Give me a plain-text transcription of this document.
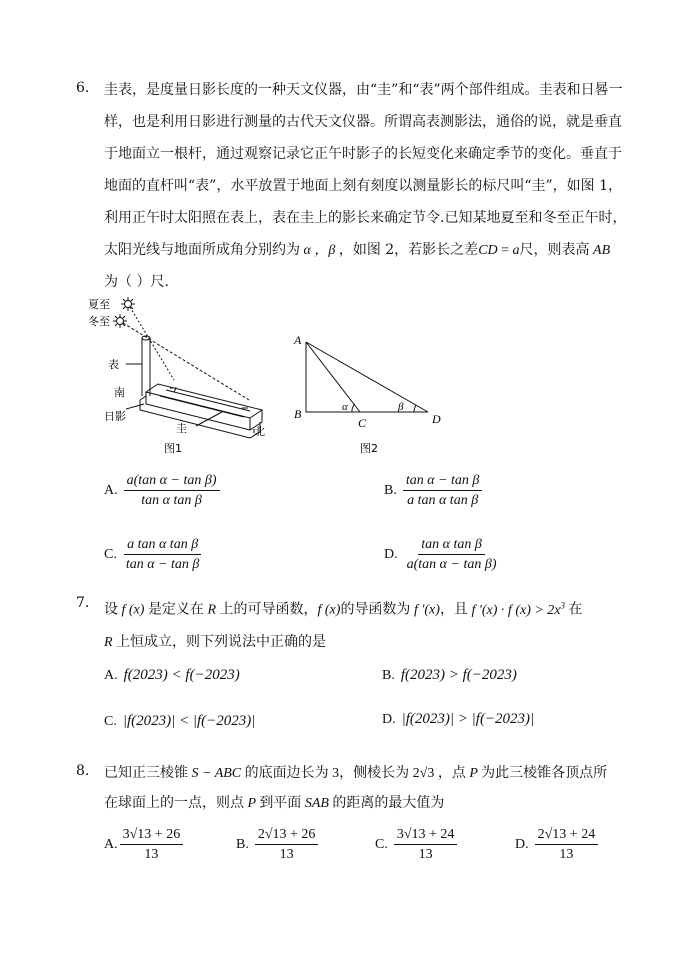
6. 圭表，是度量日影长度的一种天文仪器，由“圭”和“表”两个部件组成。圭表和日晷一
样，也是利用日影进行测量的古代天文仪器。所谓高表测影法，通俗的说，就是垂直
于地面立一根杆，通过观察记录它正午时影子的长短变化来确定季节的变化。垂直于
地面的直杆叫“表”，水平放置于地面上刻有刻度以测量影长的标尺叫“圭”，如图 1，
利用正午时太阳照在表上，表在圭上的影长来确定节令.已知某地夏至和冬至正午时，
太阳光线与地面所成角分别约为 α ，β ，如图 2，若影长之差CD = a尺，则表高 AB
为（ ）尺.
夏至
冬至
表
南
日影
圭	北
图1
A
B
C	D
α	β
图2
A. $\frac{\text{a(tan α − tan β)}}{\text{tan α tan β}}$	B. $\frac{\text{tan α − tan β}}{\text{a tan α tan β}}$
C. $\frac{\text{a tan α tan β}}{\text{tan α − tan β}}$	D. $\frac{\text{tan α tan β}}{\text{a(tan α − tan β)}}$
7. 设 f (x) 是定义在 R 上的可导函数，f (x)的导函数为 f ′(x)，且 f ′(x) · f $(x) > 2x^3$ 在
R 上恒成立，则下列说法中正确的是
A. f(2023) < f(−2023)	B. f(2023) > f(−2023)
C. |f(2023)| < |f(−2023)|	D. |f(2023)| > |f(−2023)|
8. 已知正三棱锥 S − ABC 的底面边长为 3，侧棱长为 2√3 ，点 P 为此三棱锥各顶点所
在球面上的一点，则点 P 到平面 SAB 的距离的最大值为
A. $\frac{3√13 + 26}{13}$	B. $\frac{2√13 + 26}{13}$	C. $\frac{3√13 + 24}{13}$	D. $\frac{2√13 + 24}{13}$
